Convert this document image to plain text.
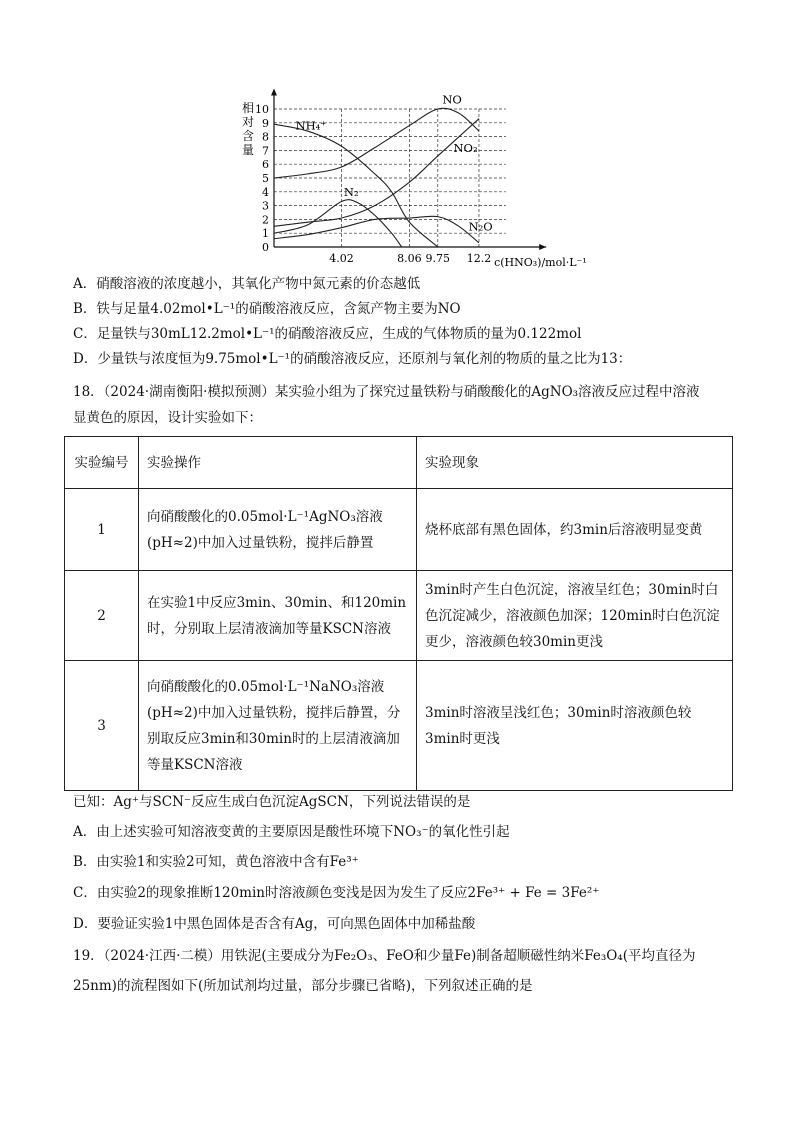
0
1
2
3
4
5
6
7
8
9
10
4.02	8.06 9.75 12.2
相对含量
c(HNO₃)/mol·L⁻¹
NO
NO₂
NH₄⁺
N₂
N₂O
A．硝酸溶液的浓度越小，其氧化产物中氮元素的价态越低
B．铁与足量4.02mol•L⁻¹的硝酸溶液反应，含氮产物主要为NO
C．足量铁与30mL12.2mol•L⁻¹的硝酸溶液反应，生成的气体物质的量为0.122mol
D．少量铁与浓度恒为9.75mol•L⁻¹的硝酸溶液反应，还原剂与氧化剂的物质的量之比为13：
18．（2024·湖南衡阳·模拟预测）某实验小组为了探究过量铁粉与硝酸酸化的AgNO₃溶液反应过程中溶液
显黄色的原因，设计实验如下：
实验编号	实验操作	实验现象
1	向硝酸酸化的0.05mol·L⁻¹AgNO₃溶液(pH≈2)中加入过量铁粉，搅拌后静置	烧杯底部有黑色固体，约3min后溶液明显变黄
2	在实验1中反应3min、30min、和120min时，分别取上层清液滴加等量KSCN溶液	3min时产生白色沉淀，溶液呈红色；30min时白色沉淀减少，溶液颜色加深；120min时白色沉淀更少，溶液颜色较30min更浅
3	向硝酸酸化的0.05mol·L⁻¹NaNO₃溶液(pH≈2)中加入过量铁粉，搅拌后静置，分别取反应3min和30min时的上层清液滴加等量KSCN溶液	3min时溶液呈浅红色；30min时溶液颜色较3min时更浅
已知：Ag⁺与SCN⁻反应生成白色沉淀AgSCN，下列说法错误的是
A．由上述实验可知溶液变黄的主要原因是酸性环境下NO₃⁻的氧化性引起
B．由实验1和实验2可知，黄色溶液中含有Fe³⁺
C．由实验2的现象推断120min时溶液颜色变浅是因为发生了反应2Fe³⁺ + Fe = 3Fe²⁺
D．要验证实验1中黑色固体是否含有Ag，可向黑色固体中加稀盐酸
19．（2024·江西·二模）用铁泥(主要成分为Fe₂O₃、FeO和少量Fe)制备超顺磁性纳米Fe₃O₄(平均直径为
25nm)的流程图如下(所加试剂均过量，部分步骤已省略)，下列叙述正确的是
